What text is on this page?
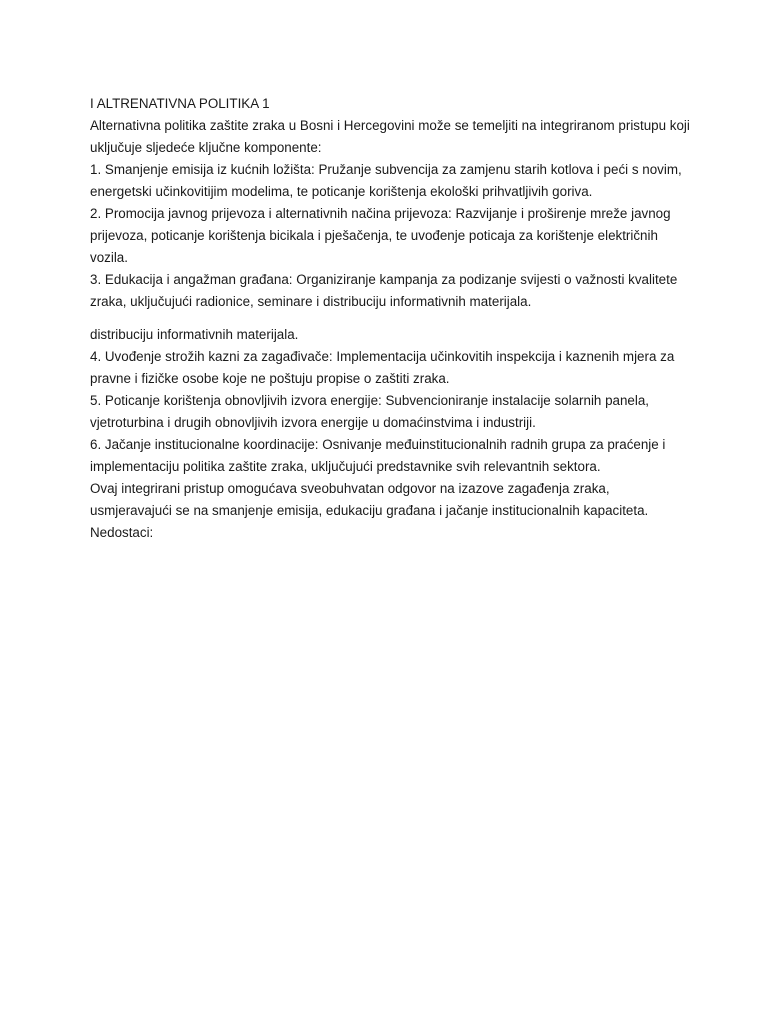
I ALTRENATIVNA POLITIKA 1

Alternativna politika zaštite zraka u Bosni i Hercegovini može se temeljiti na integriranom pristupu koji uključuje sljedeće ključne komponente:

1. Smanjenje emisija iz kućnih ložišta: Pružanje subvencija za zamjenu starih kotlova i peći s novim, energetski učinkovitijim modelima, te poticanje korištenja ekološki prihvatljivih goriva.

2. Promocija javnog prijevoza i alternativnih načina prijevoza: Razvijanje i proširenje mreže javnog prijevoza, poticanje korištenja bicikala i pješačenja, te uvođenje poticaja za korištenje električnih vozila.

3. Edukacija i angažman građana: Organiziranje kampanja za podizanje svijesti o važnosti kvalitete zraka, uključujući radionice, seminare i distribuciju informativnih materijala.

distribuciju informativnih materijala.

4. Uvođenje strožih kazni za zagađivače: Implementacija učinkovitih inspekcija i kaznenih mjera za pravne i fizičke osobe koje ne poštuju propise o zaštiti zraka.

5. Poticanje korištenja obnovljivih izvora energije: Subvencioniranje instalacije solarnih panela, vjetroturbina i drugih obnovljivih izvora energije u domaćinstvima i industriji.

6. Jačanje institucionalne koordinacije: Osnivanje međuinstitucionalnih radnih grupa za praćenje i implementaciju politika zaštite zraka, uključujući predstavnike svih relevantnih sektora.

Ovaj integrirani pristup omogućava sveobuhvatan odgovor na izazove zagađenja zraka, usmjeravajući se na smanjenje emisija, edukaciju građana i jačanje institucionalnih kapaciteta.

Nedostaci:
